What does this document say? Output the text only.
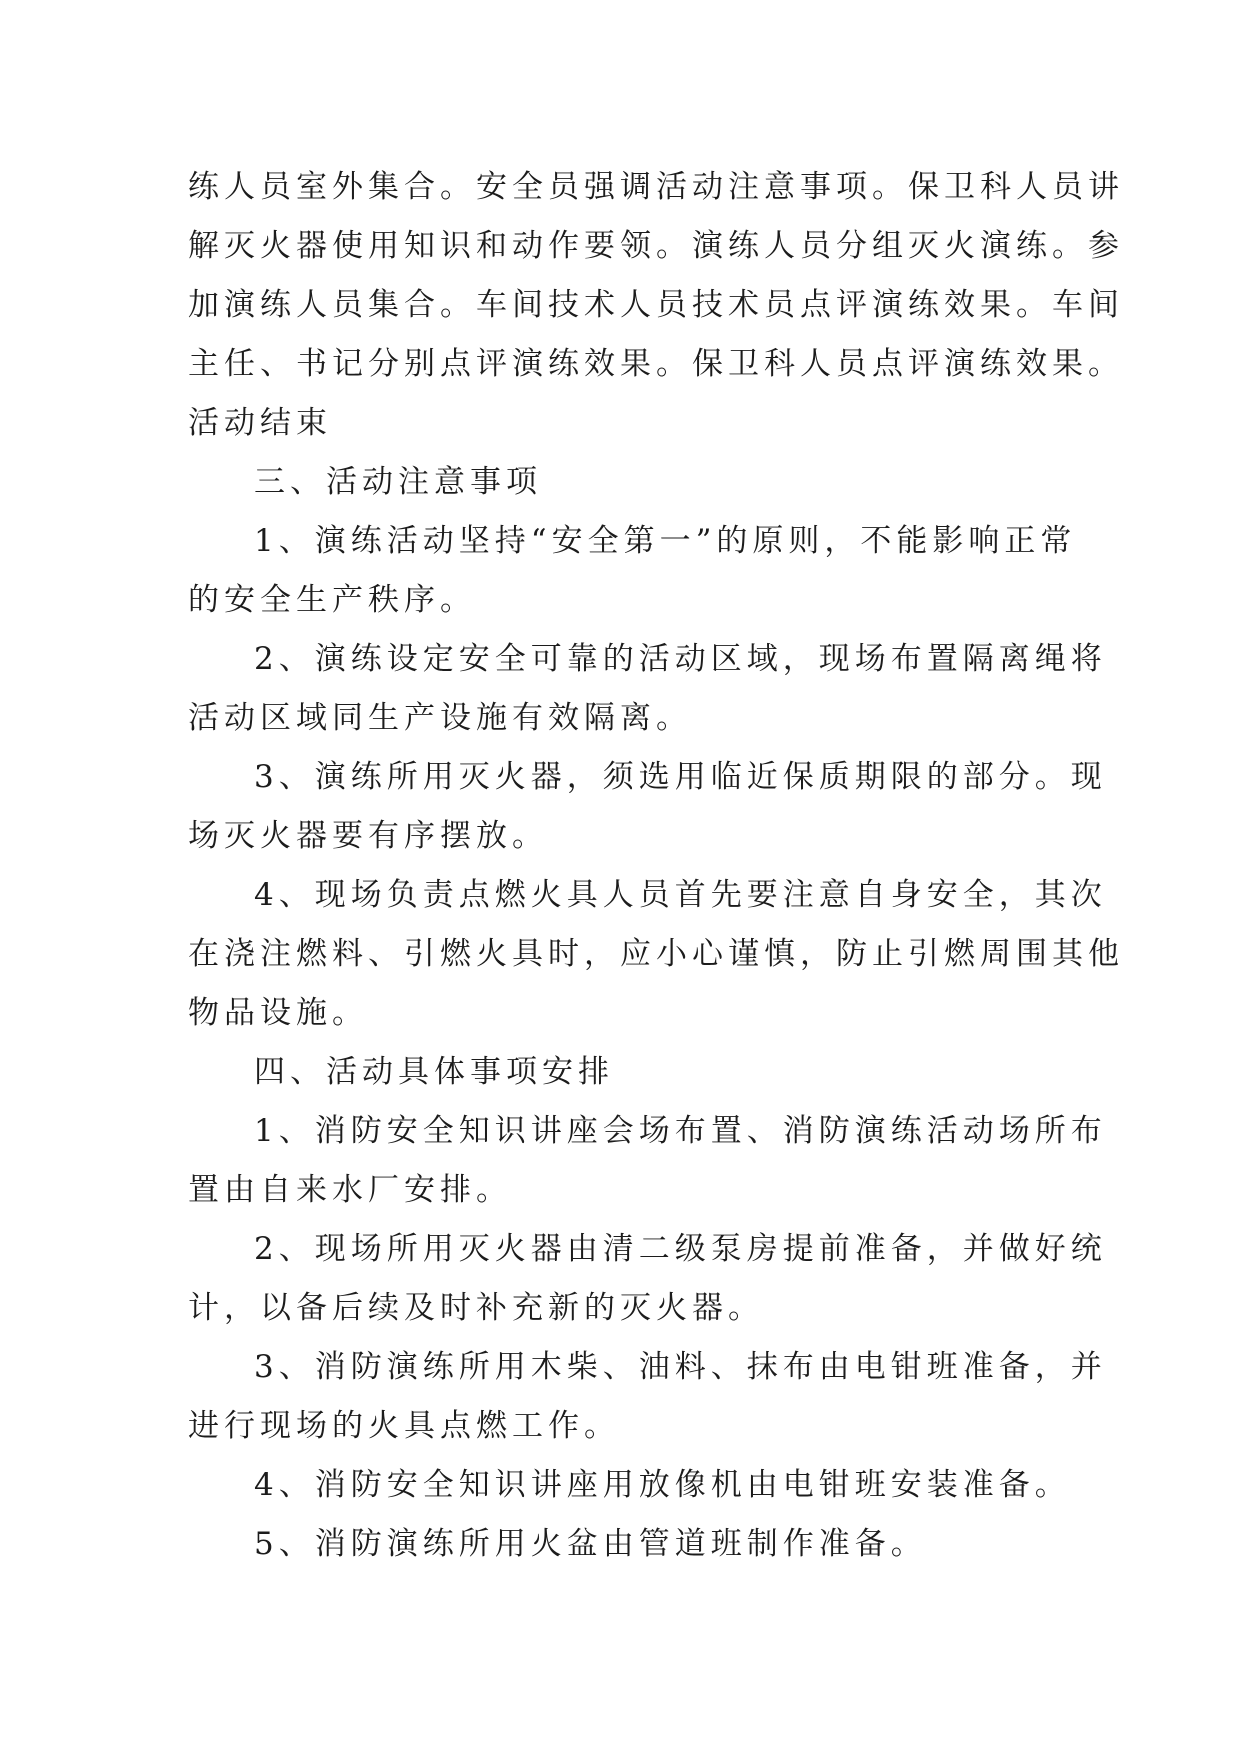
练人员室外集合。安全员强调活动注意事项。保卫科人员讲
解灭火器使用知识和动作要领。演练人员分组灭火演练。参
加演练人员集合。车间技术人员技术员点评演练效果。车间
主任、书记分别点评演练效果。保卫科人员点评演练效果。
活动结束
三、活动注意事项
1、演练活动坚持“安全第一”的原则，不能影响正常
的安全生产秩序。
2、演练设定安全可靠的活动区域，现场布置隔离绳将
活动区域同生产设施有效隔离。
3、演练所用灭火器，须选用临近保质期限的部分。现
场灭火器要有序摆放。
4、现场负责点燃火具人员首先要注意自身安全，其次
在浇注燃料、引燃火具时，应小心谨慎，防止引燃周围其他
物品设施。
四、活动具体事项安排
1、消防安全知识讲座会场布置、消防演练活动场所布
置由自来水厂安排。
2、现场所用灭火器由清二级泵房提前准备，并做好统
计，以备后续及时补充新的灭火器。
3、消防演练所用木柴、油料、抹布由电钳班准备，并
进行现场的火具点燃工作。
4、消防安全知识讲座用放像机由电钳班安装准备。
5、消防演练所用火盆由管道班制作准备。
